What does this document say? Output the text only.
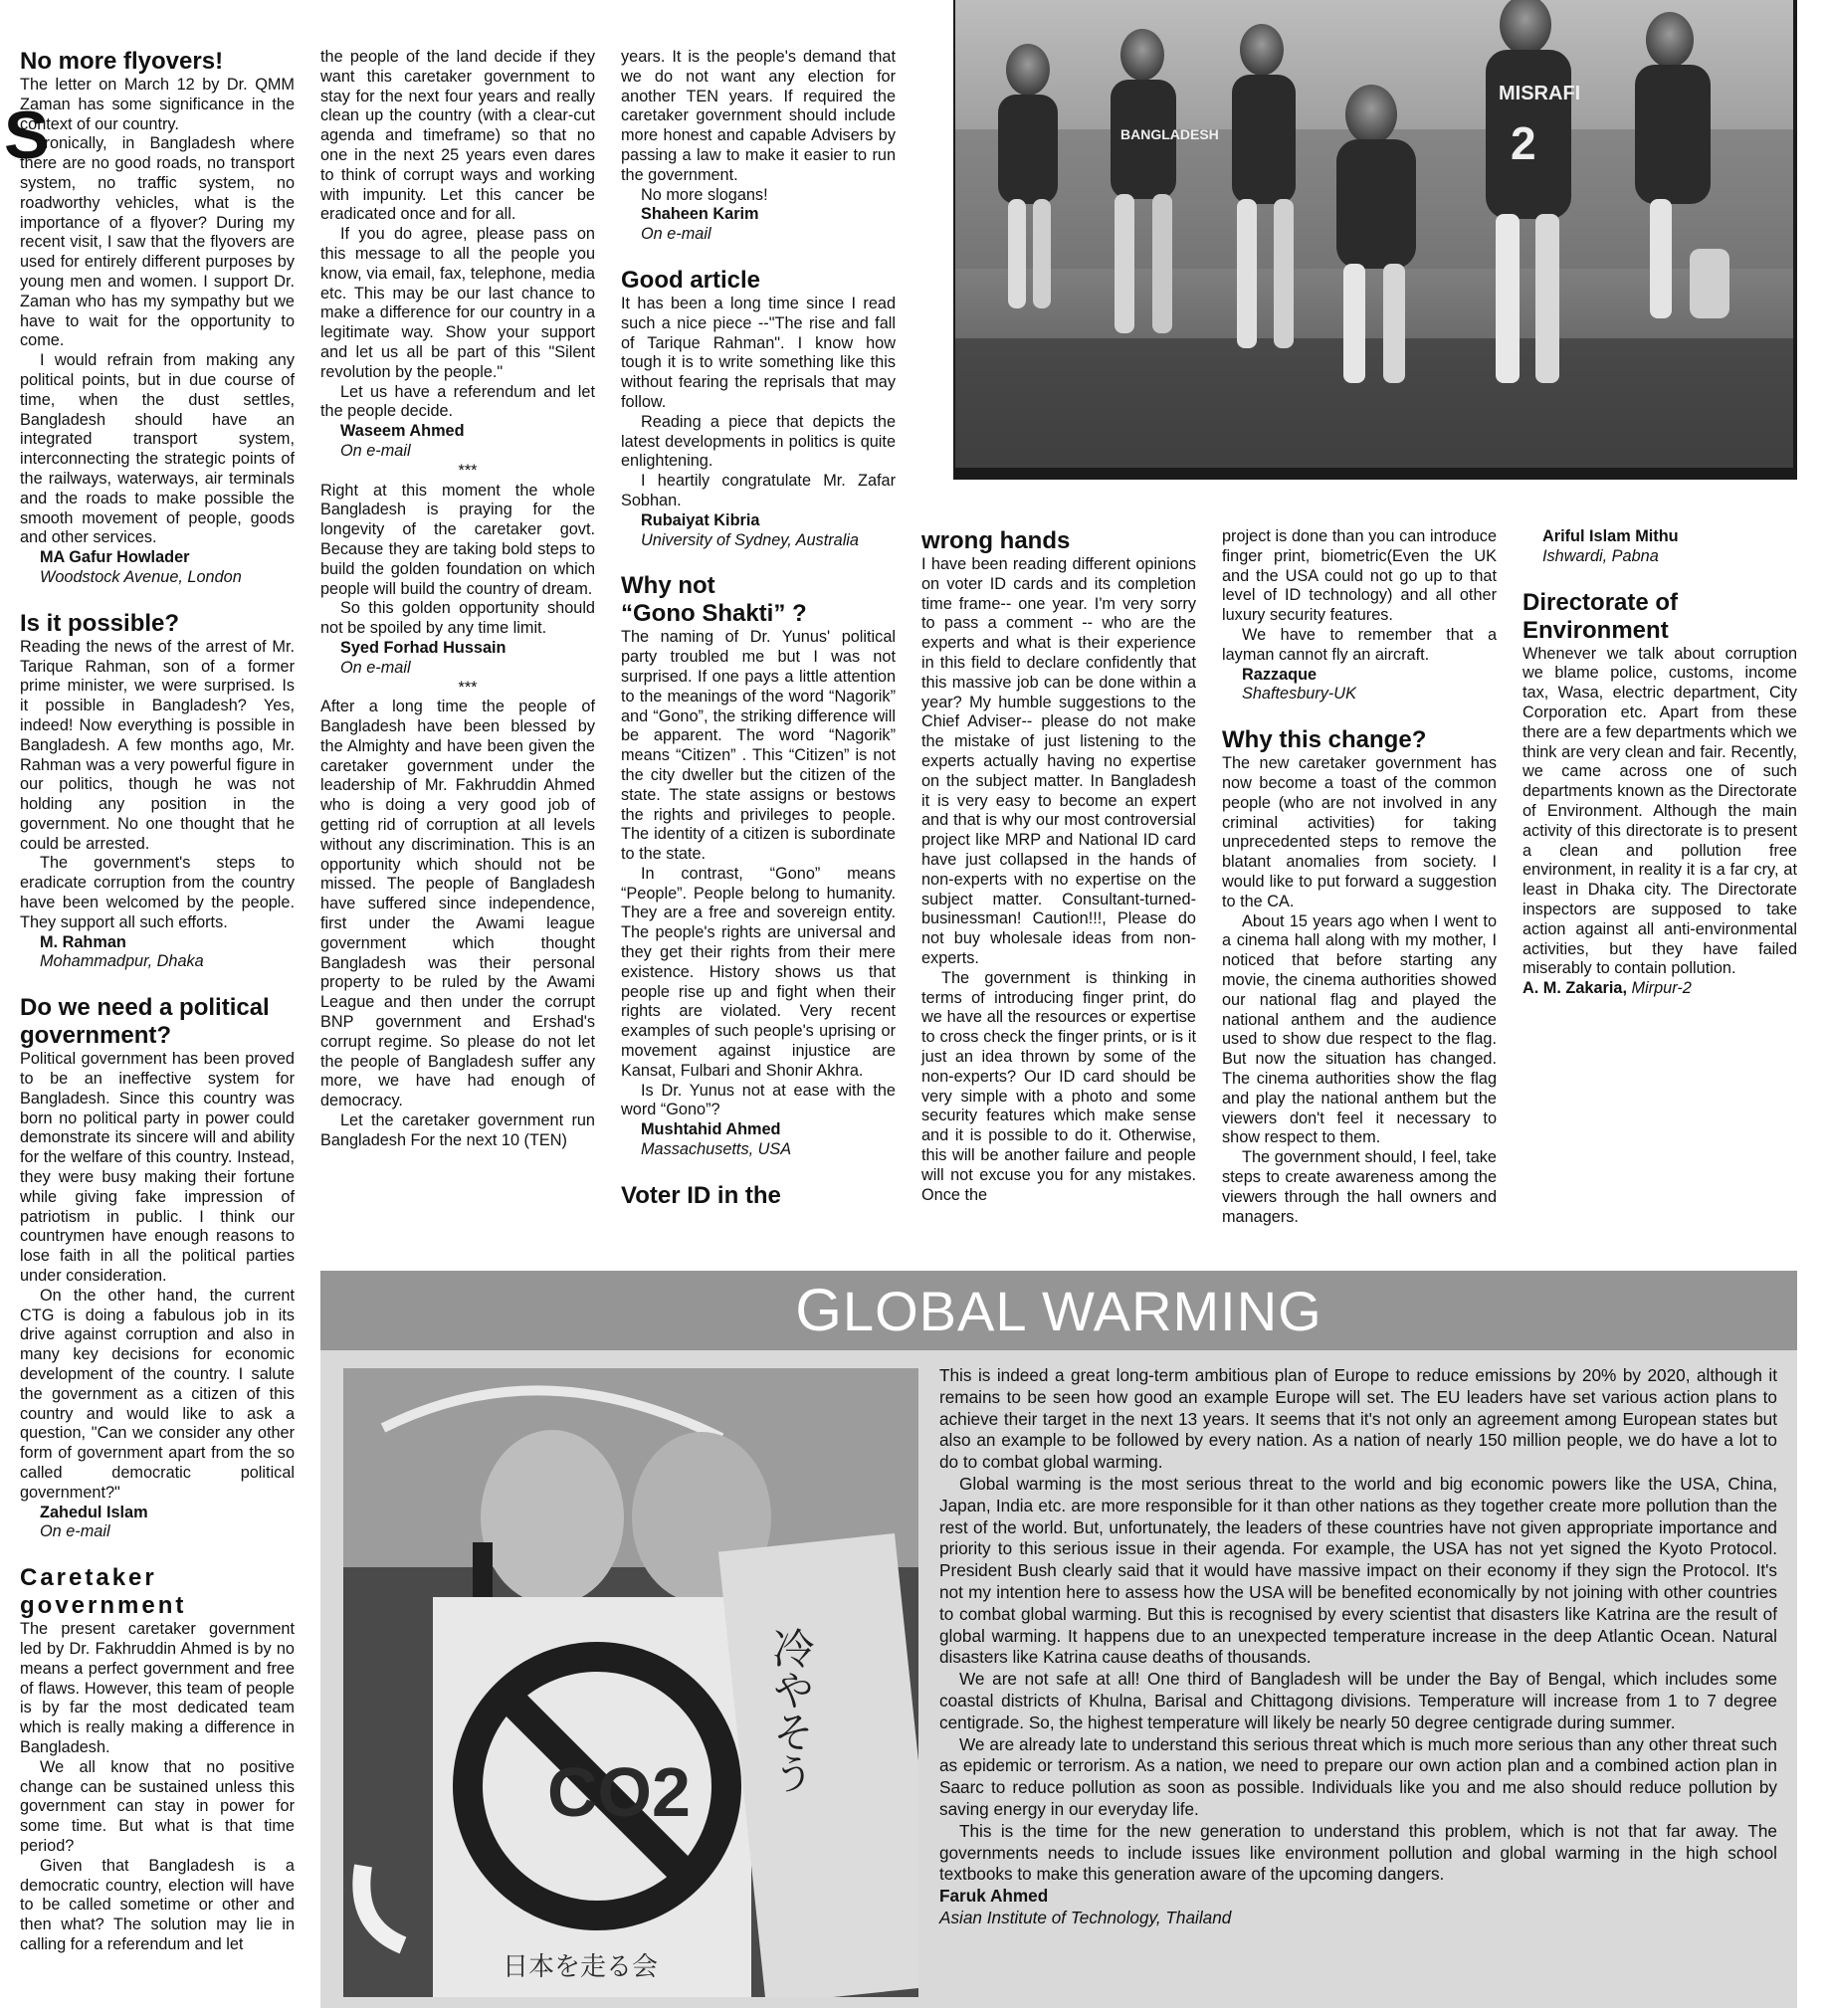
S
No more flyovers!

The letter on March 12 by Dr. QMM Zaman has some significance in the context of our country.

Ironically, in Bangladesh where there are no good roads, no transport system, no traffic system, no roadworthy vehicles, what is the importance of a flyover? During my recent visit, I saw that the flyovers are used for entirely different purposes by young men and women. I support Dr. Zaman who has my sympathy but we have to wait for the opportunity to come.

I would refrain from making any political points, but in due course of time, when the dust settles, Bangladesh should have an integrated transport system, interconnecting the strategic points of the railways, waterways, air terminals and the roads to make possible the smooth movement of people, goods and other services.

MA Gafur Howlader

Woodstock Avenue, London

Is it possible?

Reading the news of the arrest of Mr. Tarique Rahman, son of a former prime minister, we were surprised. Is it possible in Bangladesh? Yes, indeed! Now everything is possible in Bangladesh. A few months ago, Mr. Rahman was a very powerful figure in our politics, though he was not holding any position in the government. No one thought that he could be arrested.

The government's steps to eradicate corruption from the country have been welcomed by the people. They support all such efforts.

M. Rahman

Mohammadpur, Dhaka

Do we need a political government?

Political government has been proved to be an ineffective system for Bangladesh. Since this country was born no political party in power could demonstrate its sincere will and ability for the welfare of this country. Instead, they were busy making their fortune while giving fake impression of patriotism in public. I think our countrymen have enough reasons to lose faith in all the political parties under consideration.

On the other hand, the current CTG is doing a fabulous job in its drive against corruption and also in many key decisions for economic development of the country. I salute the government as a citizen of this country and would like to ask a question, "Can we consider any other form of government apart from the so called democratic political government?"

Zahedul Islam

On e-mail

Caretaker government

The present caretaker government led by Dr. Fakhruddin Ahmed is by no means a perfect government and free of flaws. However, this team of people is by far the most dedicated team which is really making a difference in Bangladesh.

We all know that no positive change can be sustained unless this government can stay in power for some time. But what is that time period?

Given that Bangladesh is a democratic country, election will have to be called sometime or other and then what? The solution may lie in calling for a referendum and let

the people of the land decide if they want this caretaker government to stay for the next four years and really clean up the country (with a clear-cut agenda and timeframe) so that no one in the next 25 years even dares to think of corrupt ways and working with impunity. Let this cancer be eradicated once and for all.

If you do agree, please pass on this message to all the people you know, via email, fax, telephone, media etc. This may be our last chance to make a difference for our country in a legitimate way. Show your support and let us all be part of this "Silent revolution by the people."

Let us have a referendum and let the people decide.

Waseem Ahmed

On e-mail

***

Right at this moment the whole Bangladesh is praying for the longevity of the caretaker govt. Because they are taking bold steps to build the golden foundation on which people will build the country of dream.

So this golden opportunity should not be spoiled by any time limit.

Syed Forhad Hussain

On e-mail

***

After a long time the people of Bangladesh have been blessed by the Almighty and have been given the caretaker government under the leadership of Mr. Fakhruddin Ahmed who is doing a very good job of getting rid of corruption at all levels without any discrimination. This is an opportunity which should not be missed. The people of Bangladesh have suffered since independence, first under the Awami league government which thought Bangladesh was their personal property to be ruled by the Awami League and then under the corrupt BNP government and Ershad's corrupt regime. So please do not let the people of Bangladesh suffer any more, we have had enough of democracy.

Let the caretaker government run Bangladesh For the next 10 (TEN)

years. It is the people's demand that we do not want any election for another TEN years. If required the caretaker government should include more honest and capable Advisers by passing a law to make it easier to run the government.

No more slogans!

Shaheen Karim

On e-mail

Good article

It has been a long time since I read such a nice piece --"The rise and fall of Tarique Rahman". I know how tough it is to write something like this without fearing the reprisals that may follow.

Reading a piece that depicts the latest developments in politics is quite enlightening.

I heartily congratulate Mr. Zafar Sobhan.

Rubaiyat Kibria

University of Sydney, Australia

Why not
“Gono Shakti” ?

The naming of Dr. Yunus' political party troubled me but I was not surprised. If one pays a little attention to the meanings of the word “Nagorik” and “Gono”, the striking difference will be apparent. The word “Nagorik” means “Citizen” . This “Citizen” is not the city dweller but the citizen of the state. The state assigns or bestows the rights and privileges to people. The identity of a citizen is subordinate to the state.

In contrast, “Gono” means “People”. People belong to humanity. They are a free and sovereign entity. The people's rights are universal and they get their rights from their mere existence. History shows us that people rise up and fight when their rights are violated. Very recent examples of such people's uprising or movement against injustice are Kansat, Fulbari and Shonir Akhra.

Is Dr. Yunus not at ease with the word “Gono”?

Mushtahid Ahmed

Massachusetts, USA

Voter ID in the
wrong hands

I have been reading different opinions on voter ID cards and its completion time frame-- one year. I'm very sorry to pass a comment -- who are the experts and what is their experience in this field to declare confidently that this massive job can be done within a year? My humble suggestions to the Chief Adviser-- please do not make the mistake of just listening to the experts actually having no expertise on the subject matter. In Bangladesh it is very easy to become an expert and that is why our most controversial project like MRP and National ID card have just collapsed in the hands of non-experts with no expertise on the subject matter. Consultant-turned-businessman! Caution!!!, Please do not buy wholesale ideas from non-experts.

The government is thinking in terms of introducing finger print, do we have all the resources or expertise to cross check the finger prints, or is it just an idea thrown by some of the non-experts? Our ID card should be very simple with a photo and some security features which make sense and it is possible to do it. Otherwise, this will be another failure and people will not excuse you for any mistakes. Once the

project is done than you can introduce finger print, biometric(Even the UK and the USA could not go up to that level of ID technology) and all other luxury security features.

We have to remember that a layman cannot fly an aircraft.

Razzaque

Shaftesbury-UK

Why this change?

The new caretaker government has now become a toast of the common people (who are not involved in any criminal activities) for taking unprecedented steps to remove the blatant anomalies from society. I would like to put forward a suggestion to the CA.

About 15 years ago when I went to a cinema hall along with my mother, I noticed that before starting any movie, the cinema authorities showed our national flag and played the national anthem and the audience used to show due respect to the flag. But now the situation has changed. The cinema authorities show the flag and play the national anthem but the viewers don't feel it necessary to show respect to them.

The government should, I feel, take steps to create awareness among the viewers through the hall owners and managers.

Ariful Islam Mithu

Ishwardi, Pabna

Directorate of Environment

Whenever we talk about corruption we blame police, customs, income tax, Wasa, electric department, City Corporation etc. Apart from these there are a few departments which we think are very clean and fair. Recently, we came across one of such departments known as the Directorate of Environment. Although the main activity of this directorate is to present a clean and pollution free environment, in reality it is a far cry, at least in Dhaka city. The Directorate inspectors are supposed to take action against all anti-environmental activities, but they have failed miserably to contain pollution.

A. M. Zakaria, Mirpur-2

BANGLADESH
MISRAFI
2
GLOBAL WARMING
CO2 冷やそう
日本を走る会

This is indeed a great long-term ambitious plan of Europe to reduce emissions by 20% by 2020, although it remains to be seen how good an example Europe will set. The EU leaders have set various action plans to achieve their target in the next 13 years. It seems that it's not only an agreement among European states but also an example to be followed by every nation. As a nation of nearly 150 million people, we do have a lot to do to combat global warming.

Global warming is the most serious threat to the world and big economic powers like the USA, China, Japan, India etc. are more responsible for it than other nations as they together create more pollution than the rest of the world. But, unfortunately, the leaders of these countries have not given appropriate importance and priority to this serious issue in their agenda. For example, the USA has not yet signed the Kyoto Protocol. President Bush clearly said that it would have massive impact on their economy if they sign the Protocol. It's not my intention here to assess how the USA will be benefited economically by not joining with other countries to combat global warming. But this is recognised by every scientist that disasters like Katrina are the result of global warming. It happens due to an unexpected temperature increase in the deep Atlantic Ocean. Natural disasters like Katrina cause deaths of thousands.

We are not safe at all! One third of Bangladesh will be under the Bay of Bengal, which includes some coastal districts of Khulna, Barisal and Chittagong divisions. Temperature will increase from 1 to 7 degree centigrade. So, the highest temperature will likely be nearly 50 degree centigrade during summer.

We are already late to understand this serious threat which is much more serious than any other threat such as epidemic or terrorism. As a nation, we need to prepare our own action plan and a combined action plan in Saarc to reduce pollution as soon as possible. Individuals like you and me also should reduce pollution by saving energy in our everyday life.

This is the time for the new generation to understand this problem, which is not that far away. The governments needs to include issues like environment pollution and global warming in the high school textbooks to make this generation aware of the upcoming dangers.

Faruk Ahmed

Asian Institute of Technology, Thailand
